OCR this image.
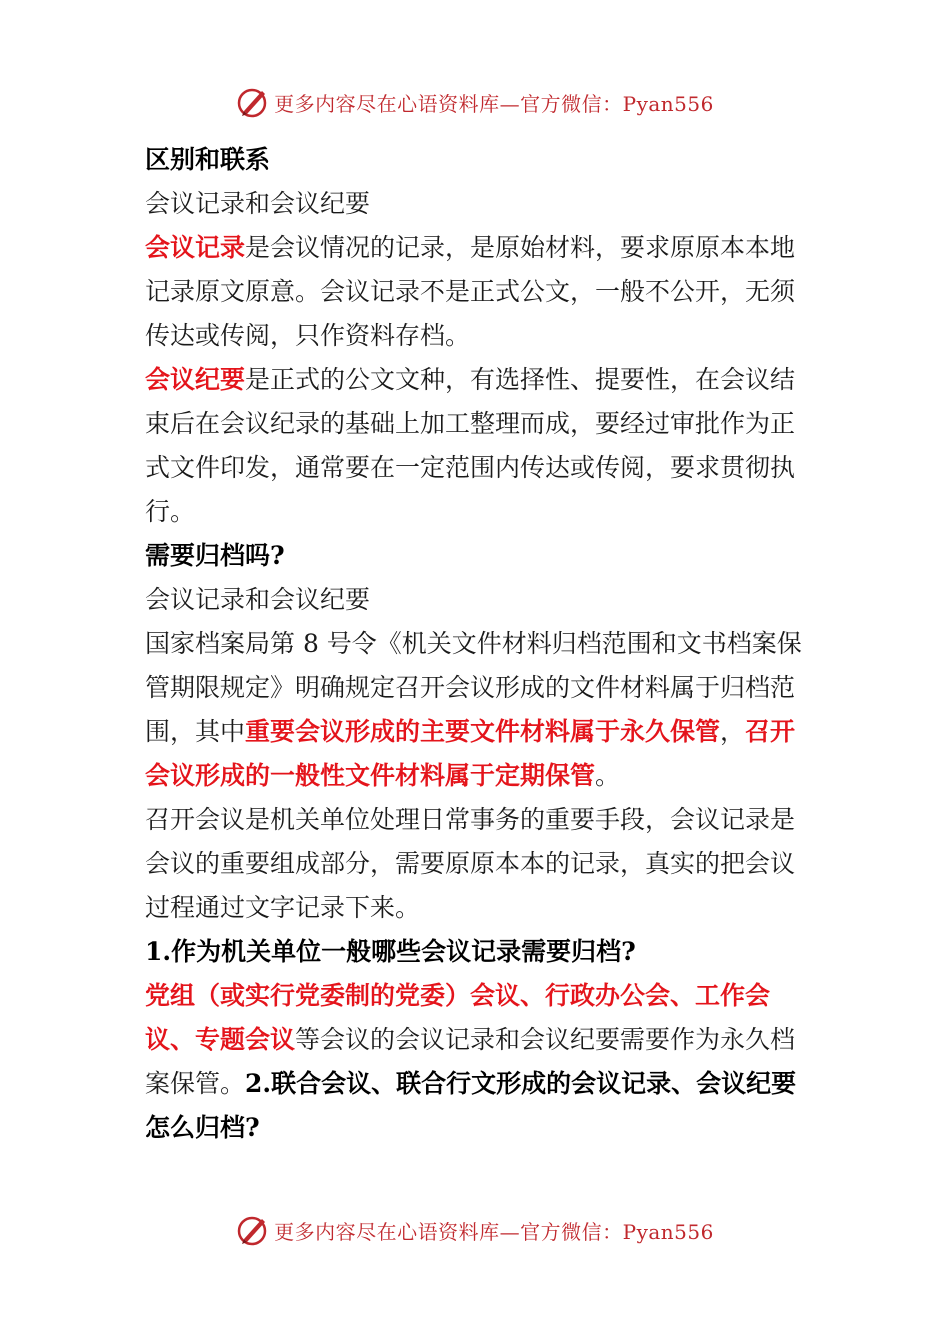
更多内容尽在心语资料库—官方微信：Pyan556

区别和联系

会议记录和会议纪要

会议记录是会议情况的记录，是原始材料，要求原原本本地记录原文原意。会议记录不是正式公文，一般不公开，无须传达或传阅，只作资料存档。

会议纪要是正式的公文文种，有选择性、提要性，在会议结束后在会议纪录的基础上加工整理而成，要经过审批作为正式文件印发，通常要在一定范围内传达或传阅，要求贯彻执行。

需要归档吗?

会议记录和会议纪要

国家档案局第 8 号令《机关文件材料归档范围和文书档案保管期限规定》明确规定召开会议形成的文件材料属于归档范围，其中重要会议形成的主要文件材料属于永久保管，召开会议形成的一般性文件材料属于定期保管。

召开会议是机关单位处理日常事务的重要手段，会议记录是会议的重要组成部分，需要原原本本的记录，真实的把会议过程通过文字记录下来。

1.作为机关单位一般哪些会议记录需要归档?

党组（或实行党委制的党委）会议、行政办公会、工作会议、专题会议等会议的会议记录和会议纪要需要作为永久档案保管。2.联合会议、联合行文形成的会议记录、会议纪要怎么归档?

更多内容尽在心语资料库—官方微信：Pyan556
